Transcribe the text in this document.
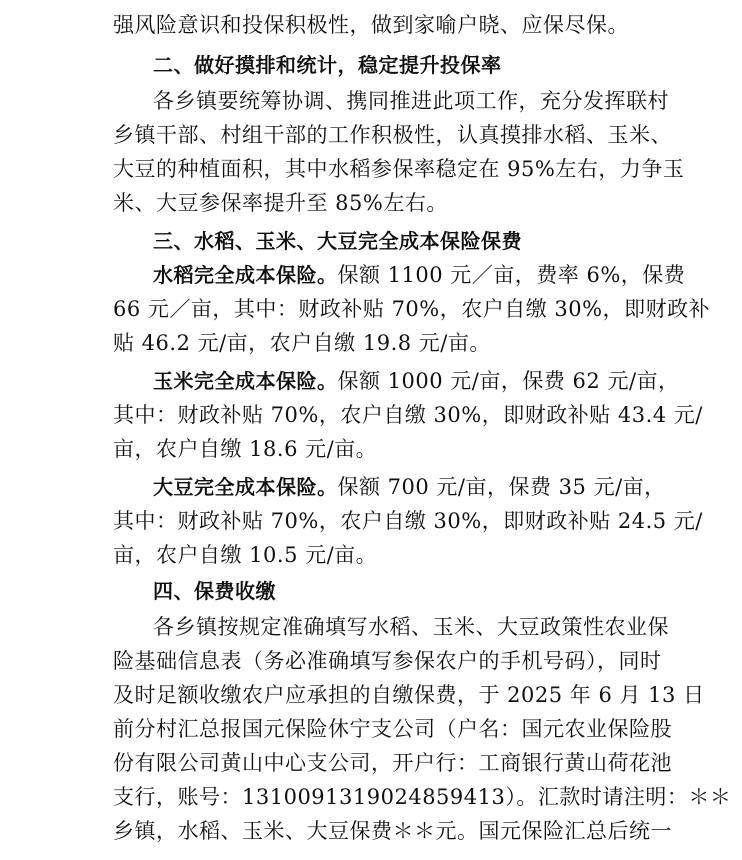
强风险意识和投保积极性，做到家喻户晓、应保尽保。
二、做好摸排和统计，稳定提升投保率
各乡镇要统筹协调、携同推进此项工作，充分发挥联村
乡镇干部、村组干部的工作积极性，认真摸排水稻、玉米、
大豆的种植面积，其中水稻参保率稳定在 95%左右，力争玉
米、大豆参保率提升至 85%左右。
三、水稻、玉米、大豆完全成本保险保费
水稻完全成本保险。保额 1100 元／亩，费率 6%，保费
66 元／亩，其中：财政补贴 70%，农户自缴 30%，即财政补
贴 46.2 元/亩，农户自缴 19.8 元/亩。
玉米完全成本保险。保额 1000 元/亩，保费 62 元/亩，
其中：财政补贴 70%，农户自缴 30%，即财政补贴 43.4 元/
亩，农户自缴 18.6 元/亩。
大豆完全成本保险。保额 700 元/亩，保费 35 元/亩，
其中：财政补贴 70%，农户自缴 30%，即财政补贴 24.5 元/
亩，农户自缴 10.5 元/亩。
四、保费收缴
各乡镇按规定准确填写水稻、玉米、大豆政策性农业保
险基础信息表（务必准确填写参保农户的手机号码），同时
及时足额收缴农户应承担的自缴保费，于 2025 年 6 月 13 日
前分村汇总报国元保险休宁支公司（户名：国元农业保险股
份有限公司黄山中心支公司，开户行：工商银行黄山荷花池
支行，账号：131009131902485941​3）。汇款时请注明：＊＊
乡镇，水稻、玉米、大豆保费＊＊元。国元保险汇总后统一
